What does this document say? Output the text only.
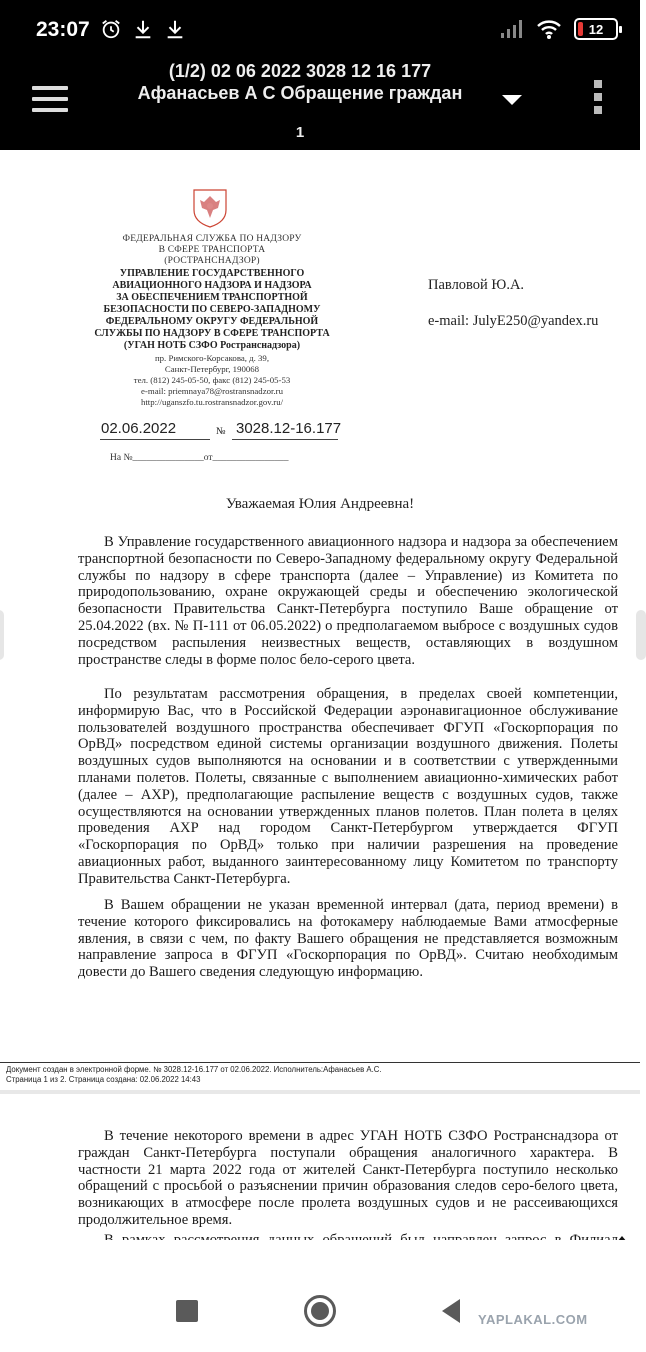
23:07	12
(1/2) 02 06 2022 3028 12 16 177 Афанасьев А С Обращение граждан
1
ФЕДЕРАЛЬНАЯ СЛУЖБА ПО НАДЗОРУ
В СФЕРЕ ТРАНСПОРТА
(РОСТРАНСНАДЗОР)
УПРАВЛЕНИЕ ГОСУДАРСТВЕННОГО
АВИАЦИОННОГО НАДЗОРА И НАДЗОРА
ЗА ОБЕСПЕЧЕНИЕМ ТРАНСПОРТНОЙ
БЕЗОПАСНОСТИ ПО СЕВЕРО-ЗАПАДНОМУ
ФЕДЕРАЛЬНОМУ ОКРУГУ ФЕДЕРАЛЬНОЙ
СЛУЖБЫ ПО НАДЗОРУ В СФЕРЕ ТРАНСПОРТА
(УГАН НОТБ СЗФО Ространснадзора)
пр. Римского-Корсакова, д. 39,
Санкт-Петербург, 190068
тел. (812) 245-05-50, факс (812) 245-05-53
e-mail: priemnaya78@rostransnadzor.ru
http://uganszfo.tu.rostransnadzor.gov.ru/
02.06.2022	№ 3028.12-16.177
На №_______________от________________
Павловой Ю.А.
e-mail: JulyE250@yandex.ru
Уважаемая Юлия Андреевна!
В Управление государственного авиационного надзора и надзора за обеспечением транспортной безопасности по Северо-Западному федеральному округу Федеральной службы по надзору в сфере транспорта (далее – Управление) из Комитета по природопользованию, охране окружающей среды и обеспечению экологической безопасности Правительства Санкт-Петербурга поступило Ваше обращение от 25.04.2022 (вх. № П-111 от 06.05.2022) о предполагаемом выбросе с воздушных судов посредством распыления неизвестных веществ, оставляющих в воздушном пространстве следы в форме полос бело-серого цвета.
По результатам рассмотрения обращения, в пределах своей компетенции, информирую Вас, что в Российской Федерации аэронавигационное обслуживание пользователей воздушного пространства обеспечивает ФГУП «Госкорпорация по ОрВД» посредством единой системы организации воздушного движения. Полеты воздушных судов выполняются на основании и в соответствии с утвержденными планами полетов. Полеты, связанные с выполнением авиационно-химических работ (далее – АХР), предполагающие распыление веществ с воздушных судов, также осуществляются на основании утвержденных планов полетов. План полета в целях проведения АХР над городом Санкт-Петербургом утверждается ФГУП «Госкорпорация по ОрВД» только при наличии разрешения на проведение авиационных работ, выданного заинтересованному лицу Комитетом по транспорту Правительства Санкт-Петербурга.
В Вашем обращении не указан временной интервал (дата, период времени) в течение которого фиксировались на фотокамеру наблюдаемые Вами атмосферные явления, в связи с чем, по факту Вашего обращения не представляется возможным направление запроса в ФГУП «Госкорпорация по ОрВД». Считаю необходимым довести до Вашего сведения следующую информацию.
Документ создан в электронной форме. № 3028.12-16.177 от 02.06.2022. Исполнитель:Афанасьев А.С.
Страница 1 из 2. Страница создана: 02.06.2022 14:43
В течение некоторого времени в адрес УГАН НОТБ СЗФО Ространснадзора от граждан Санкт-Петербурга поступали обращения аналогичного характера. В частности 21 марта 2022 года от жителей Санкт-Петербурга поступило несколько обращений с просьбой о разъяснении причин образования следов серо-белого цвета, возникающих в атмосфере после пролета воздушных судов и не рассеивающихся продолжительное время.
YAPLAKAL.COM
